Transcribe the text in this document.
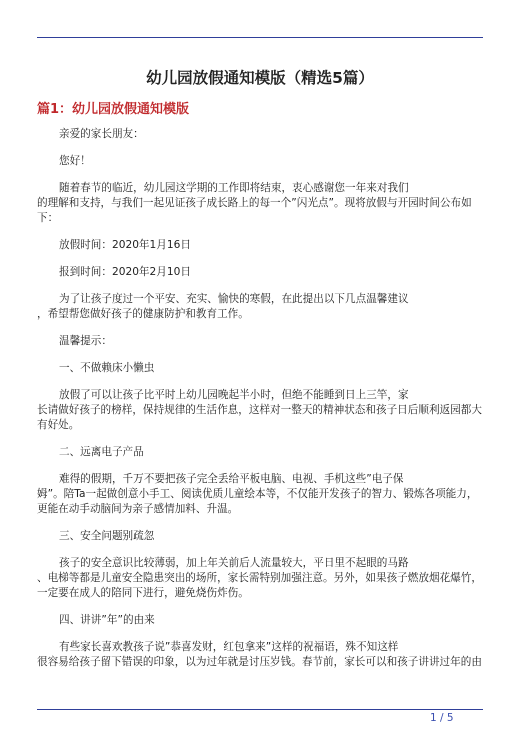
幼儿园放假通知模版（精选5篇）
篇1：幼儿园放假通知模版
亲爱的家长朋友：
您好！
随着春节的临近，幼儿园这学期的工作即将结束，衷心感谢您一年来对我们
的理解和支持，与我们一起见证孩子成长路上的每一个”闪光点”。现将放假与开园时间公布如
下：
放假时间：2020年1月16日
报到时间：2020年2月10日
为了让孩子度过一个平安、充实、愉快的寒假，在此提出以下几点温馨建议
，希望帮您做好孩子的健康防护和教育工作。
温馨提示：
一、不做赖床小懒虫
放假了可以让孩子比平时上幼儿园晚起半小时，但绝不能睡到日上三竿，家
长请做好孩子的榜样，保持规律的生活作息，这样对一整天的精神状态和孩子日后顺利返园都大
有好处。
二、远离电子产品
难得的假期，千万不要把孩子完全丢给平板电脑、电视、手机这些”电子保
姆”。陪Ta一起做创意小手工、阅读优质儿童绘本等，不仅能开发孩子的智力、锻炼各项能力，
更能在动手动脑间为亲子感情加料、升温。
三、安全问题别疏忽
孩子的安全意识比较薄弱，加上年关前后人流量较大，平日里不起眼的马路
、电梯等都是儿童安全隐患突出的场所，家长需特别加强注意。另外，如果孩子燃放烟花爆竹，
一定要在成人的陪同下进行，避免烧伤炸伤。
四、讲讲”年”的由来
有些家长喜欢教孩子说”恭喜发财，红包拿来”这样的祝福语，殊不知这样
很容易给孩子留下错误的印象，以为过年就是讨压岁钱。春节前，家长可以和孩子讲讲过年的由
1 / 5
